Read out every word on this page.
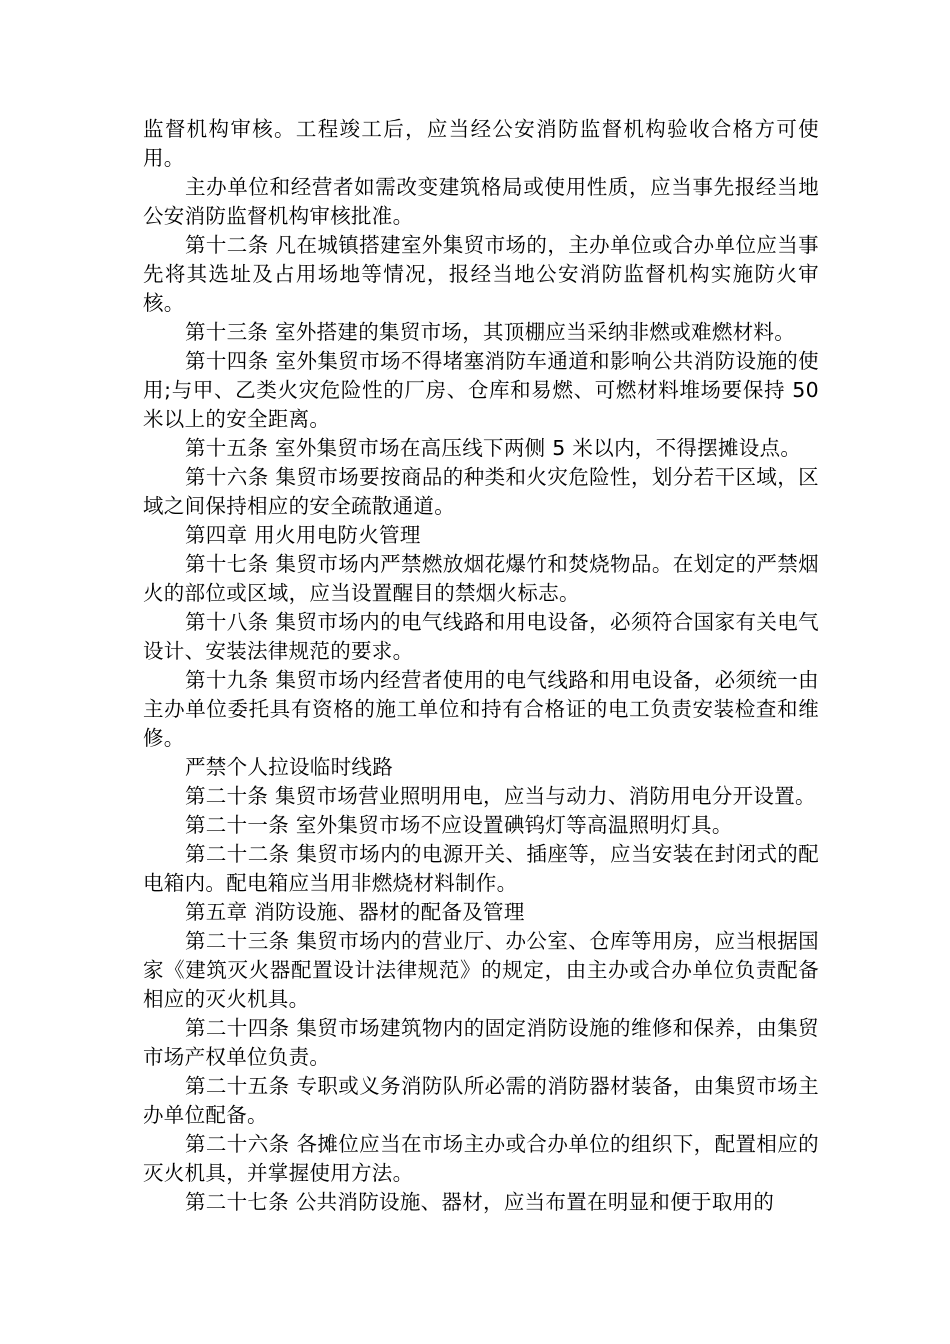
监督机构审核。工程竣工后，应当经公安消防监督机构验收合格方可使用。

主办单位和经营者如需改变建筑格局或使用性质，应当事先报经当地公安消防监督机构审核批准。

第十二条 凡在城镇搭建室外集贸市场的，主办单位或合办单位应当事先将其选址及占用场地等情况，报经当地公安消防监督机构实施防火审核。

第十三条 室外搭建的集贸市场，其顶棚应当采纳非燃或难燃材料。

第十四条 室外集贸市场不得堵塞消防车通道和影响公共消防设施的使用;与甲、乙类火灾危险性的厂房、仓库和易燃、可燃材料堆场要保持 50 米以上的安全距离。

第十五条 室外集贸市场在高压线下两侧 5 米以内，不得摆摊设点。

第十六条 集贸市场要按商品的种类和火灾危险性，划分若干区域，区域之间保持相应的安全疏散通道。

第四章 用火用电防火管理

第十七条 集贸市场内严禁燃放烟花爆竹和焚烧物品。在划定的严禁烟火的部位或区域，应当设置醒目的禁烟火标志。

第十八条 集贸市场内的电气线路和用电设备，必须符合国家有关电气设计、安装法律规范的要求。

第十九条 集贸市场内经营者使用的电气线路和用电设备，必须统一由主办单位委托具有资格的施工单位和持有合格证的电工负责安装检查和维修。

严禁个人拉设临时线路

第二十条 集贸市场营业照明用电，应当与动力、消防用电分开设置。

第二十一条 室外集贸市场不应设置碘钨灯等高温照明灯具。

第二十二条 集贸市场内的电源开关、插座等，应当安装在封闭式的配电箱内。配电箱应当用非燃烧材料制作。

第五章 消防设施、器材的配备及管理

第二十三条 集贸市场内的营业厅、办公室、仓库等用房，应当根据国家《建筑灭火器配置设计法律规范》的规定，由主办或合办单位负责配备相应的灭火机具。

第二十四条 集贸市场建筑物内的固定消防设施的维修和保养，由集贸市场产权单位负责。

第二十五条 专职或义务消防队所必需的消防器材装备，由集贸市场主办单位配备。

第二十六条 各摊位应当在市场主办或合办单位的组织下，配置相应的灭火机具，并掌握使用方法。

第二十七条 公共消防设施、器材，应当布置在明显和便于取用的
